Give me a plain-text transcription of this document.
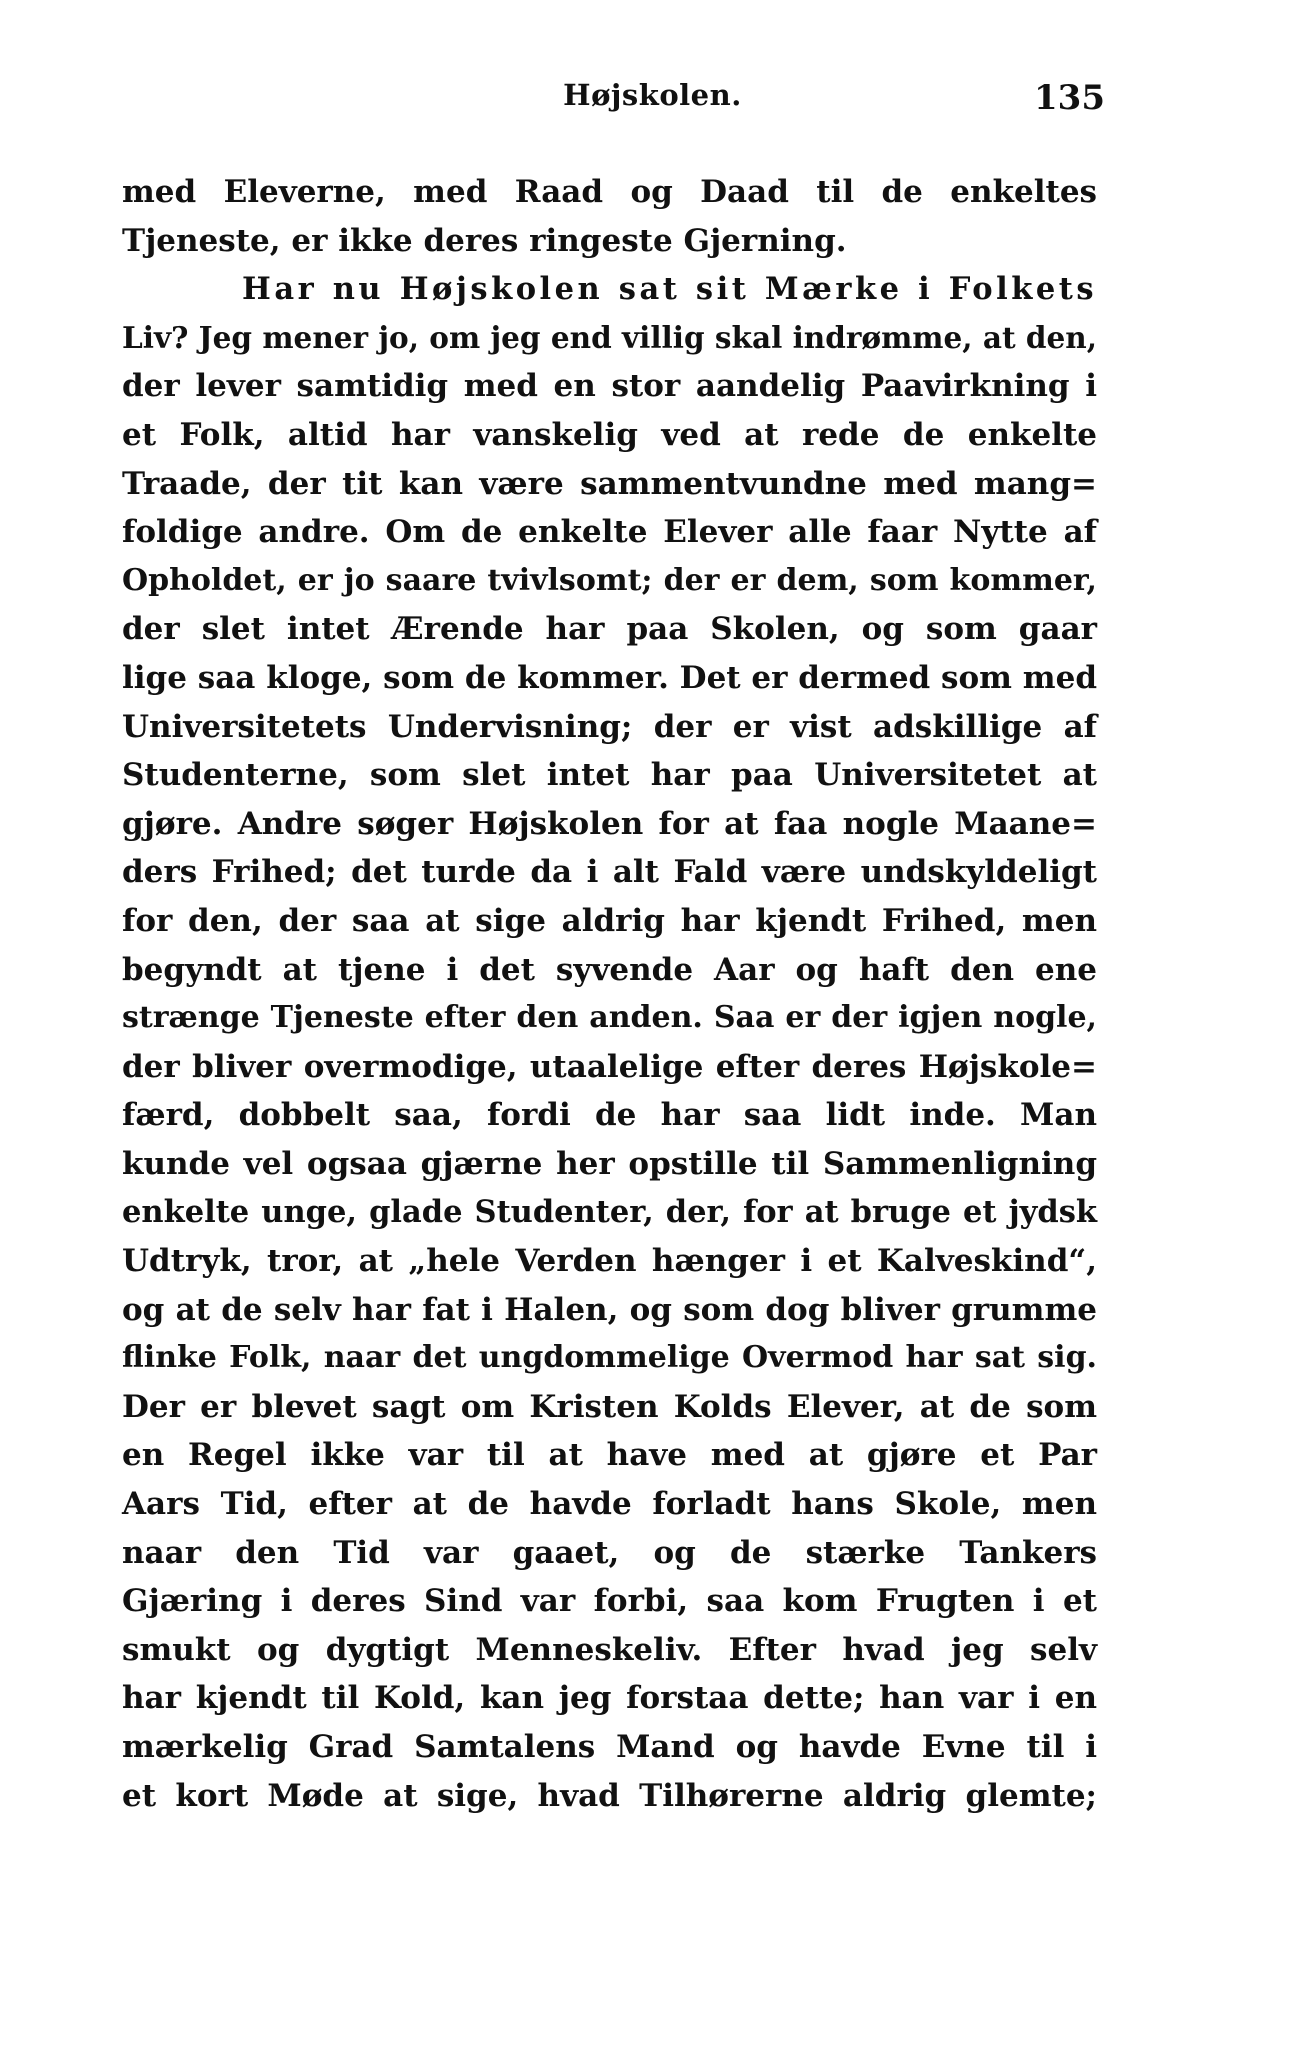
Højskolen.	135
med Eleverne, med Raad og Daad til de enkeltes
Tjeneste, er ikke deres ringeste Gjerning.
Har nu Højskolen sat sit Mærke i Folkets
Liv? Jeg mener jo, om jeg end villig skal indrømme, at den,
der lever samtidig med en stor aandelig Paavirkning i
et Folk, altid har vanskelig ved at rede de enkelte
Traade, der tit kan være sammentvundne med mang=
foldige andre. Om de enkelte Elever alle faar Nytte af
Opholdet, er jo saare tvivlsomt; der er dem, som kommer,
der slet intet Ærende har paa Skolen, og som gaar
lige saa kloge, som de kommer. Det er dermed som med
Universitetets Undervisning; der er vist adskillige af
Studenterne, som slet intet har paa Universitetet at
gjøre. Andre søger Højskolen for at faa nogle Maane=
ders Frihed; det turde da i alt Fald være undskyldeligt
for den, der saa at sige aldrig har kjendt Frihed, men
begyndt at tjene i det syvende Aar og haft den ene
strænge Tjeneste efter den anden. Saa er der igjen nogle,
der bliver overmodige, utaalelige efter deres Højskole=
færd, dobbelt saa, fordi de har saa lidt inde. Man
kunde vel ogsaa gjærne her opstille til Sammenligning
enkelte unge, glade Studenter, der, for at bruge et jydsk
Udtryk, tror, at „hele Verden hænger i et Kalveskind“,
og at de selv har fat i Halen, og som dog bliver grumme
flinke Folk, naar det ungdommelige Overmod har sat sig.
Der er blevet sagt om Kristen Kolds Elever, at de som
en Regel ikke var til at have med at gjøre et Par
Aars Tid, efter at de havde forladt hans Skole, men
naar den Tid var gaaet, og de stærke Tankers
Gjæring i deres Sind var forbi, saa kom Frugten i et
smukt og dygtigt Menneskeliv. Efter hvad jeg selv
har kjendt til Kold, kan jeg forstaa dette; han var i en
mærkelig Grad Samtalens Mand og havde Evne til i
et kort Møde at sige, hvad Tilhørerne aldrig glemte;
